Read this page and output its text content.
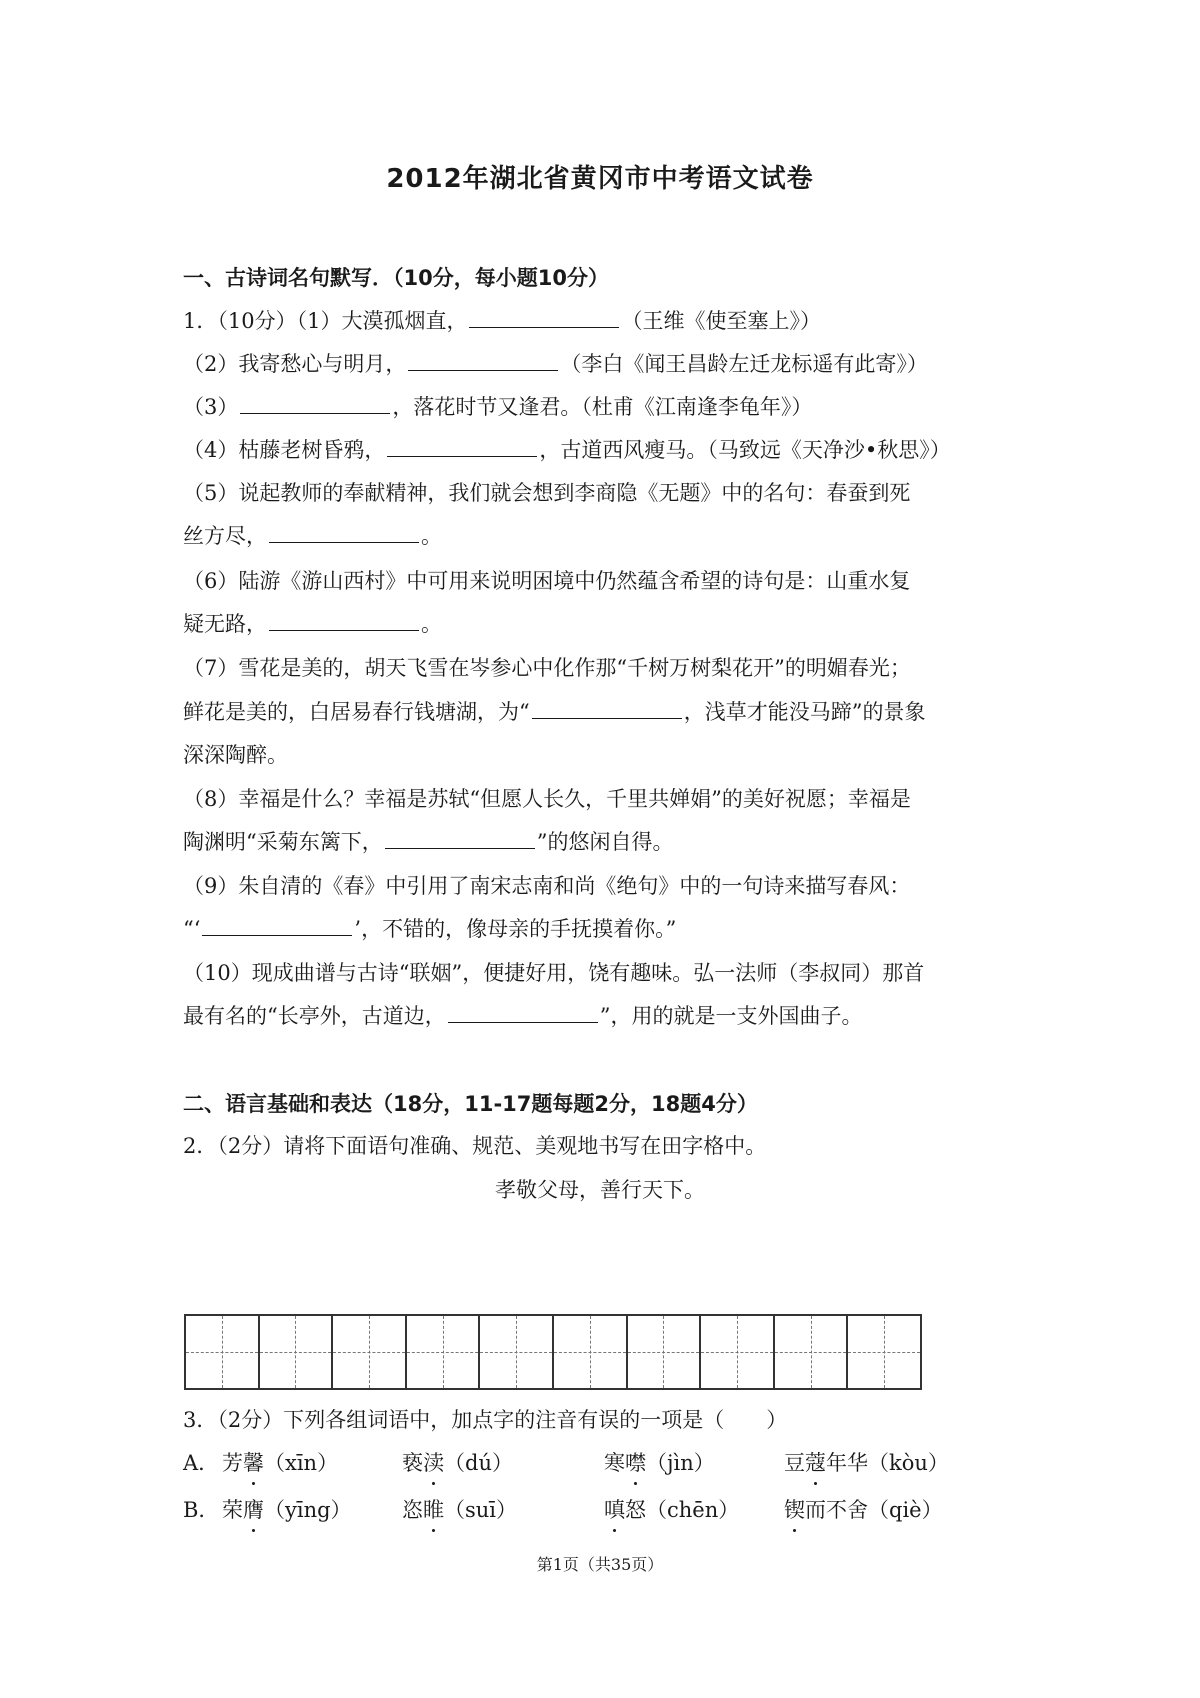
2012年湖北省黄冈市中考语文试卷
一、古诗词名句默写．（10分，每小题10分）
1．（10分）（1）大漠孤烟直，	（王维《使至塞上》）
（2）我寄愁心与明月，	（李白《闻王昌龄左迁龙标遥有此寄》）
（3）	，落花时节又逢君。（杜甫《江南逢李龟年》）
（4）枯藤老树昏鸦，	，古道西风瘦马。（马致远《天净沙•秋思》）
（5）说起教师的奉献精神，我们就会想到李商隐《无题》中的名句：春蚕到死
丝方尽，	。
（6）陆游《游山西村》中可用来说明困境中仍然蕴含希望的诗句是：山重水复
疑无路，	。
（7）雪花是美的，胡天飞雪在岑参心中化作那“千树万树梨花开”的明媚春光；
鲜花是美的，白居易春行钱塘湖，为“	，浅草才能没马蹄”的景象
深深陶醉。
（8）幸福是什么？幸福是苏轼“但愿人长久，千里共婵娟”的美好祝愿；幸福是
陶渊明“采菊东篱下，	”的悠闲自得。
（9）朱自清的《春》中引用了南宋志南和尚《绝句》中的一句诗来描写春风：
“‘	’，不错的，像母亲的手抚摸着你。”
（10）现成曲谱与古诗“联姻”，便捷好用，饶有趣味。弘一法师（李叔同）那首
最有名的“长亭外，古道边，	”，用的就是一支外国曲子。
二、语言基础和表达（18分，11-17题每题2分，18题4分）
2．（2分）请将下面语句准确、规范、美观地书写在田字格中。
孝敬父母，善行天下。
3．（2分）下列各组词语中，加点字的注音有误的一项是（　　）
A． 芳馨（xīn）	亵渎（dú）	寒噤（jìn）	豆蔻年华（kòu）
B． 荣膺（yīng） 恣睢（suī）	嗔怒（chēn） 锲而不舍（qiè）
第1页（共35页）
